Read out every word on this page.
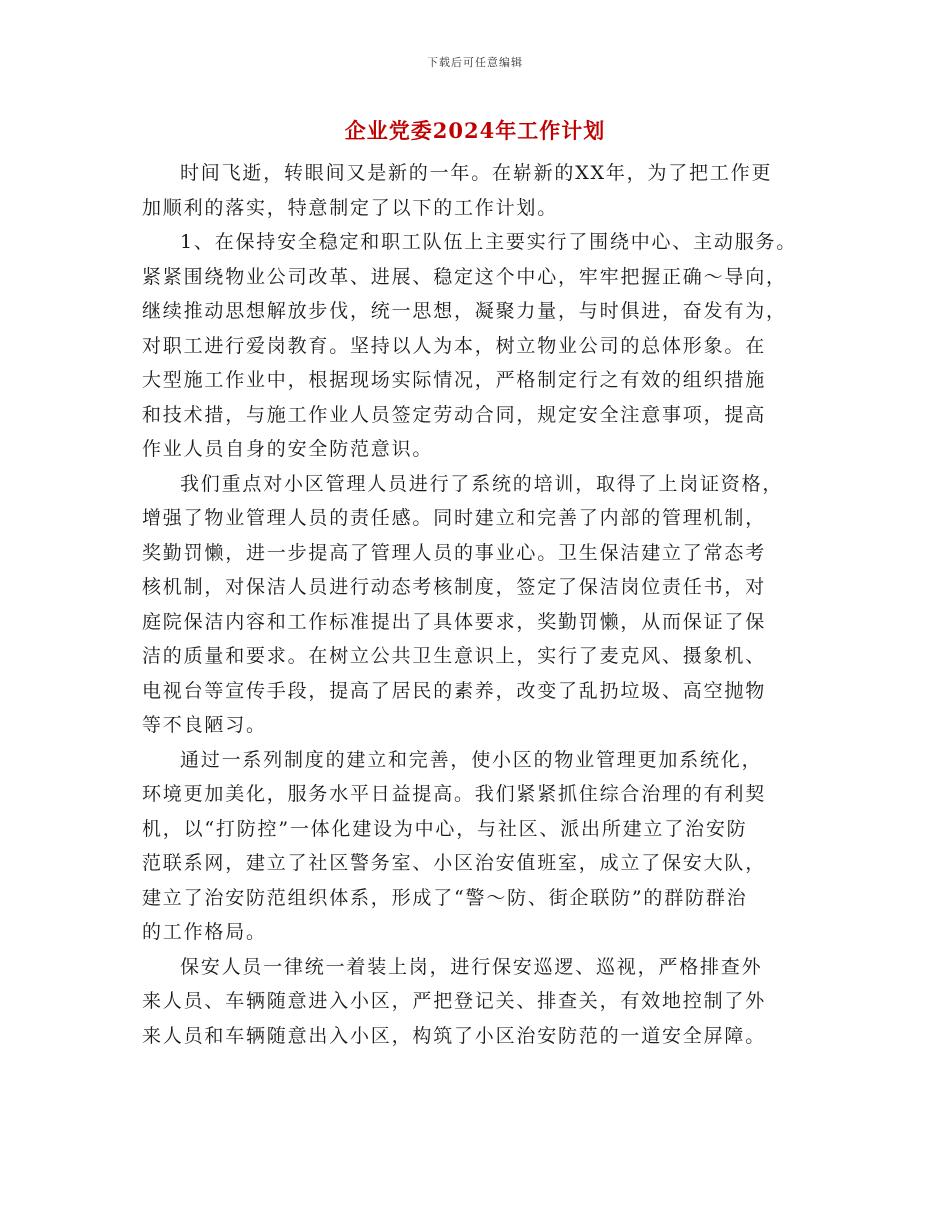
下载后可任意编辑
企业党委2024年工作计划

时间飞逝，转眼间又是新的一年。在崭新的XX年，为了把工作更
加顺利的落实，特意制定了以下的工作计划。

1、在保持安全稳定和职工队伍上主要实行了围绕中心、主动服务。
紧紧围绕物业公司改革、进展、稳定这个中心，牢牢把握正确～导向，
继续推动思想解放步伐，统一思想，凝聚力量，与时俱进，奋发有为，
对职工进行爱岗教育。坚持以人为本，树立物业公司的总体形象。在
大型施工作业中，根据现场实际情况，严格制定行之有效的组织措施
和技术措，与施工作业人员签定劳动合同，规定安全注意事项，提高
作业人员自身的安全防范意识。

我们重点对小区管理人员进行了系统的培训，取得了上岗证资格，
增强了物业管理人员的责任感。同时建立和完善了内部的管理机制，
奖勤罚懒，进一步提高了管理人员的事业心。卫生保洁建立了常态考
核机制，对保洁人员进行动态考核制度，签定了保洁岗位责任书，对
庭院保洁内容和工作标准提出了具体要求，奖勤罚懒，从而保证了保
洁的质量和要求。在树立公共卫生意识上，实行了麦克风、摄象机、
电视台等宣传手段，提高了居民的素养，改变了乱扔垃圾、高空抛物
等不良陋习。

通过一系列制度的建立和完善，使小区的物业管理更加系统化，
环境更加美化，服务水平日益提高。我们紧紧抓住综合治理的有利契
机，以“打防控”一体化建设为中心，与社区、派出所建立了治安防
范联系网，建立了社区警务室、小区治安值班室，成立了保安大队，
建立了治安防范组织体系，形成了“警～防、街企联防”的群防群治
的工作格局。

保安人员一律统一着装上岗，进行保安巡逻、巡视，严格排查外
来人员、车辆随意进入小区，严把登记关、排查关，有效地控制了外
来人员和车辆随意出入小区，构筑了小区治安防范的一道安全屏障。
